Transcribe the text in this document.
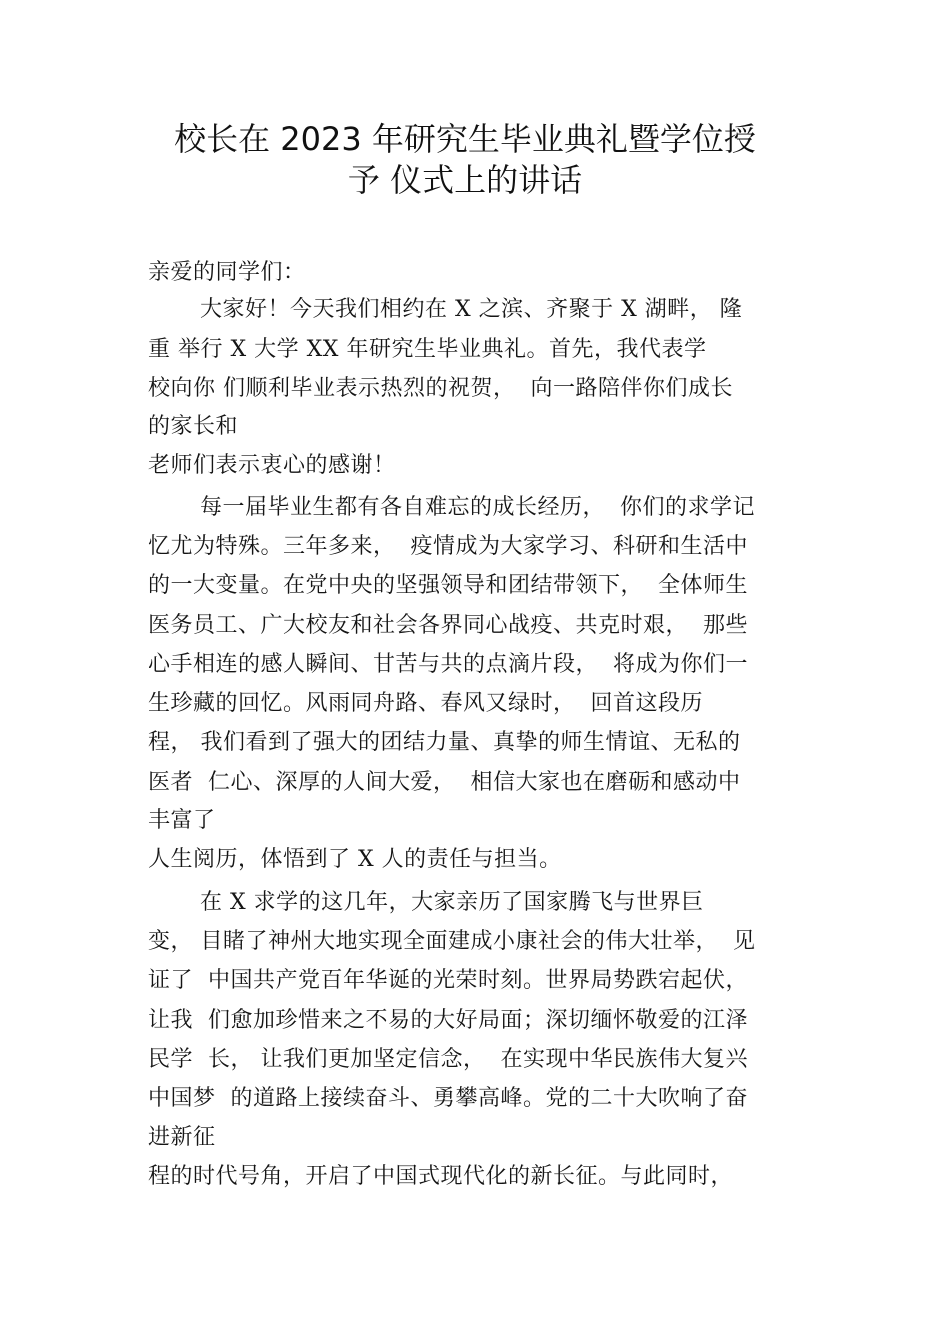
校长在 2023 年研究生毕业典礼暨学位授
予 仪式上的讲话
亲爱的同学们：
大家好！今天我们相约在 X 之滨、齐聚于 X 湖畔， 隆
重 举行 X 大学 XX 年研究生毕业典礼。首先，我代表学
校向你 们顺利毕业表示热烈的祝贺，  向一路陪伴你们成长
的家长和
老师们表示衷心的感谢！
每一届毕业生都有各自难忘的成长经历，  你们的求学记
忆尤为特殊。三年多来，  疫情成为大家学习、科研和生活中
的一大变量。在党中央的坚强领导和团结带领下，  全体师生
医务员工、广大校友和社会各界同心战疫、共克时艰，  那些
心手相连的感人瞬间、甘苦与共的点滴片段，  将成为你们一
生珍藏的回忆。风雨同舟路、春风又绿时，  回首这段历
程， 我们看到了强大的团结力量、真挚的师生情谊、无私的
医者  仁心、深厚的人间大爱，  相信大家也在磨砺和感动中
丰富了
人生阅历，体悟到了 X 人的责任与担当。
在 X 求学的这几年，大家亲历了国家腾飞与世界巨
变， 目睹了神州大地实现全面建成小康社会的伟大壮举，  见
证了  中国共产党百年华诞的光荣时刻。世界局势跌宕起伏，
让我  们愈加珍惜来之不易的大好局面；深切缅怀敬爱的江泽
民学  长， 让我们更加坚定信念，  在实现中华民族伟大复兴
中国梦  的道路上接续奋斗、勇攀高峰。党的二十大吹响了奋
进新征
程的时代号角，开启了中国式现代化的新长征。与此同时，
